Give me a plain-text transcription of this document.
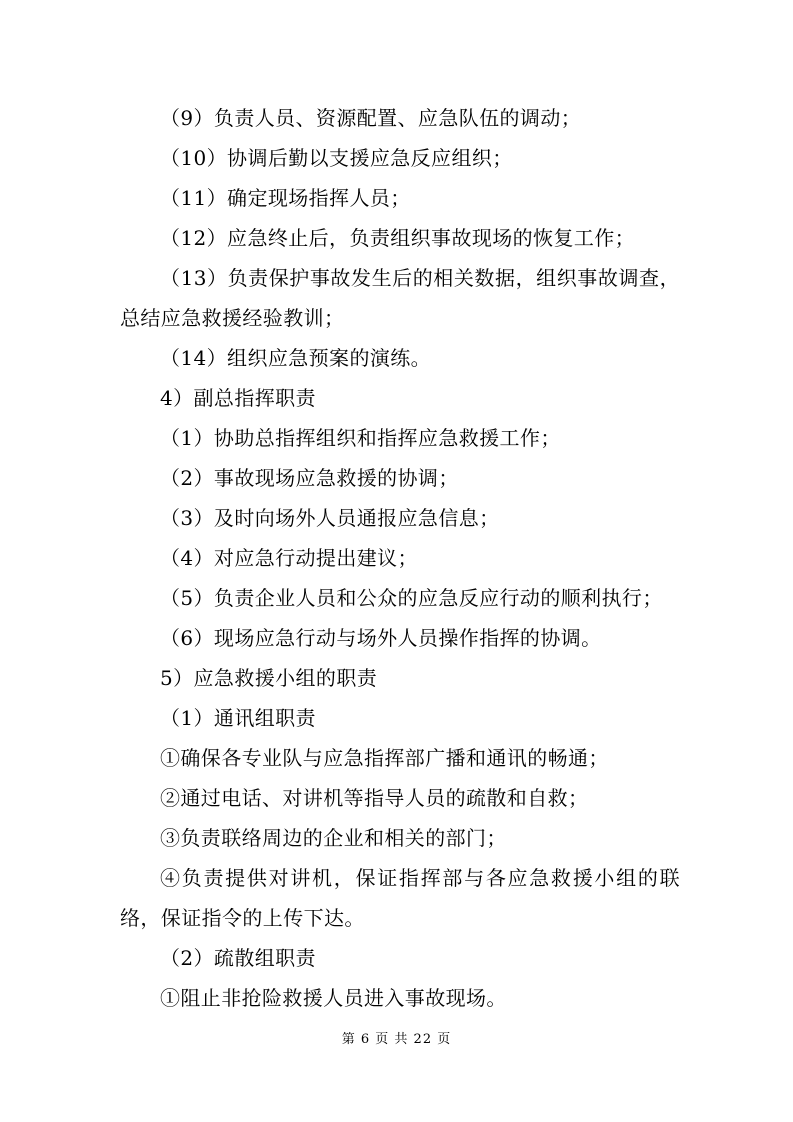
（9）负责人员、资源配置、应急队伍的调动；

（10）协调后勤以支援应急反应组织；

（11）确定现场指挥人员；

（12）应急终止后，负责组织事故现场的恢复工作；

（13）负责保护事故发生后的相关数据，组织事故调查，总结应急救援经验教训；

（14）组织应急预案的演练。

4）副总指挥职责

（1）协助总指挥组织和指挥应急救援工作；

（2）事故现场应急救援的协调；

（3）及时向场外人员通报应急信息；

（4）对应急行动提出建议；

（5）负责企业人员和公众的应急反应行动的顺利执行；

（6）现场应急行动与场外人员操作指挥的协调。

5）应急救援小组的职责

（1）通讯组职责

①确保各专业队与应急指挥部广播和通讯的畅通；

②通过电话、对讲机等指导人员的疏散和自救；

③负责联络周边的企业和相关的部门；

④负责提供对讲机，保证指挥部与各应急救援小组的联络，保证指令的上传下达。

（2）疏散组职责

①阻止非抢险救援人员进入事故现场。

第 6 页 共 22 页
